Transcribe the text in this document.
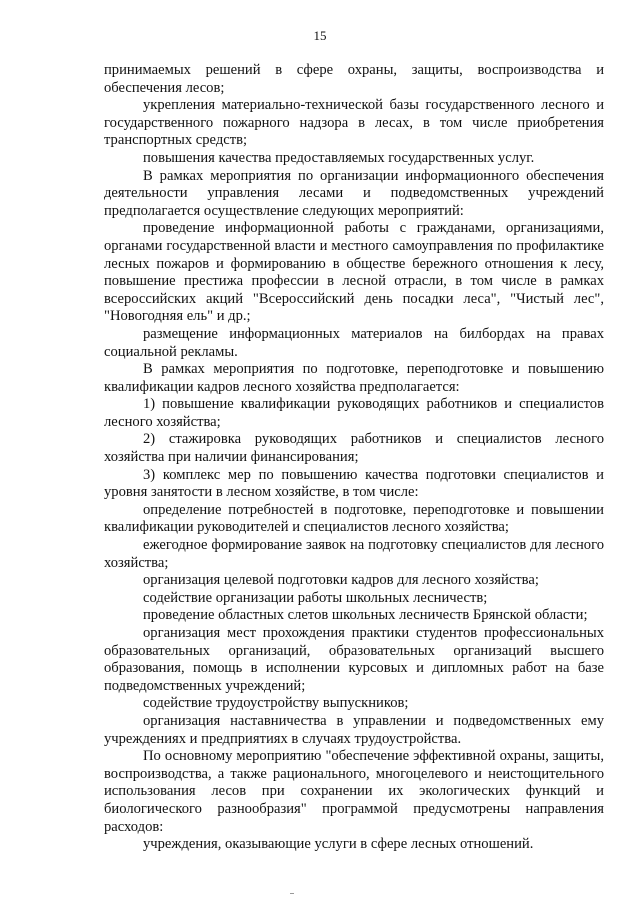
15

принимаемых решений в сфере охраны, защиты, воспроизводства и обеспечения лесов;

укрепления материально-технической базы государственного лесного и государственного пожарного надзора в лесах, в том числе приобретения транспортных средств;

повышения качества предоставляемых государственных услуг.

В рамках мероприятия по организации информационного обеспечения деятельности управления лесами и подведомственных учреждений предполагается осуществление следующих мероприятий:

проведение информационной работы с гражданами, организациями, органами государственной власти и местного самоуправления по профилактике лесных пожаров и формированию в обществе бережного отношения к лесу, повышение престижа профессии в лесной отрасли, в том числе в рамках всероссийских акций "Всероссийский день посадки леса", "Чистый лес", "Новогодняя ель" и др.;

размещение информационных материалов на билбордах на правах социальной рекламы.

В рамках мероприятия по подготовке, переподготовке и повышению квалификации кадров лесного хозяйства предполагается:

1) повышение квалификации руководящих работников и специалистов лесного хозяйства;

2) стажировка руководящих работников и специалистов лесного хозяйства при наличии финансирования;

3) комплекс мер по повышению качества подготовки специалистов и уровня занятости в лесном хозяйстве, в том числе:

определение потребностей в подготовке, переподготовке и повышении квалификации руководителей и специалистов лесного хозяйства;

ежегодное формирование заявок на подготовку специалистов для лесного хозяйства;

организация целевой подготовки кадров для лесного хозяйства;

содействие организации работы школьных лесничеств;

проведение областных слетов школьных лесничеств Брянской области;

организация мест прохождения практики студентов профессиональных образовательных организаций, образовательных организаций высшего образования, помощь в исполнении курсовых и дипломных работ на базе подведомственных учреждений;

содействие трудоустройству выпускников;

организация наставничества в управлении и подведомственных ему учреждениях и предприятиях в случаях трудоустройства.

По основному мероприятию "обеспечение эффективной охраны, защиты, воспроизводства, а также рационального, многоцелевого и неистощительного использования лесов при сохранении их экологических функций и биологического разнообразия" программой предусмотрены направления расходов:

учреждения, оказывающие услуги в сфере лесных отношений.
